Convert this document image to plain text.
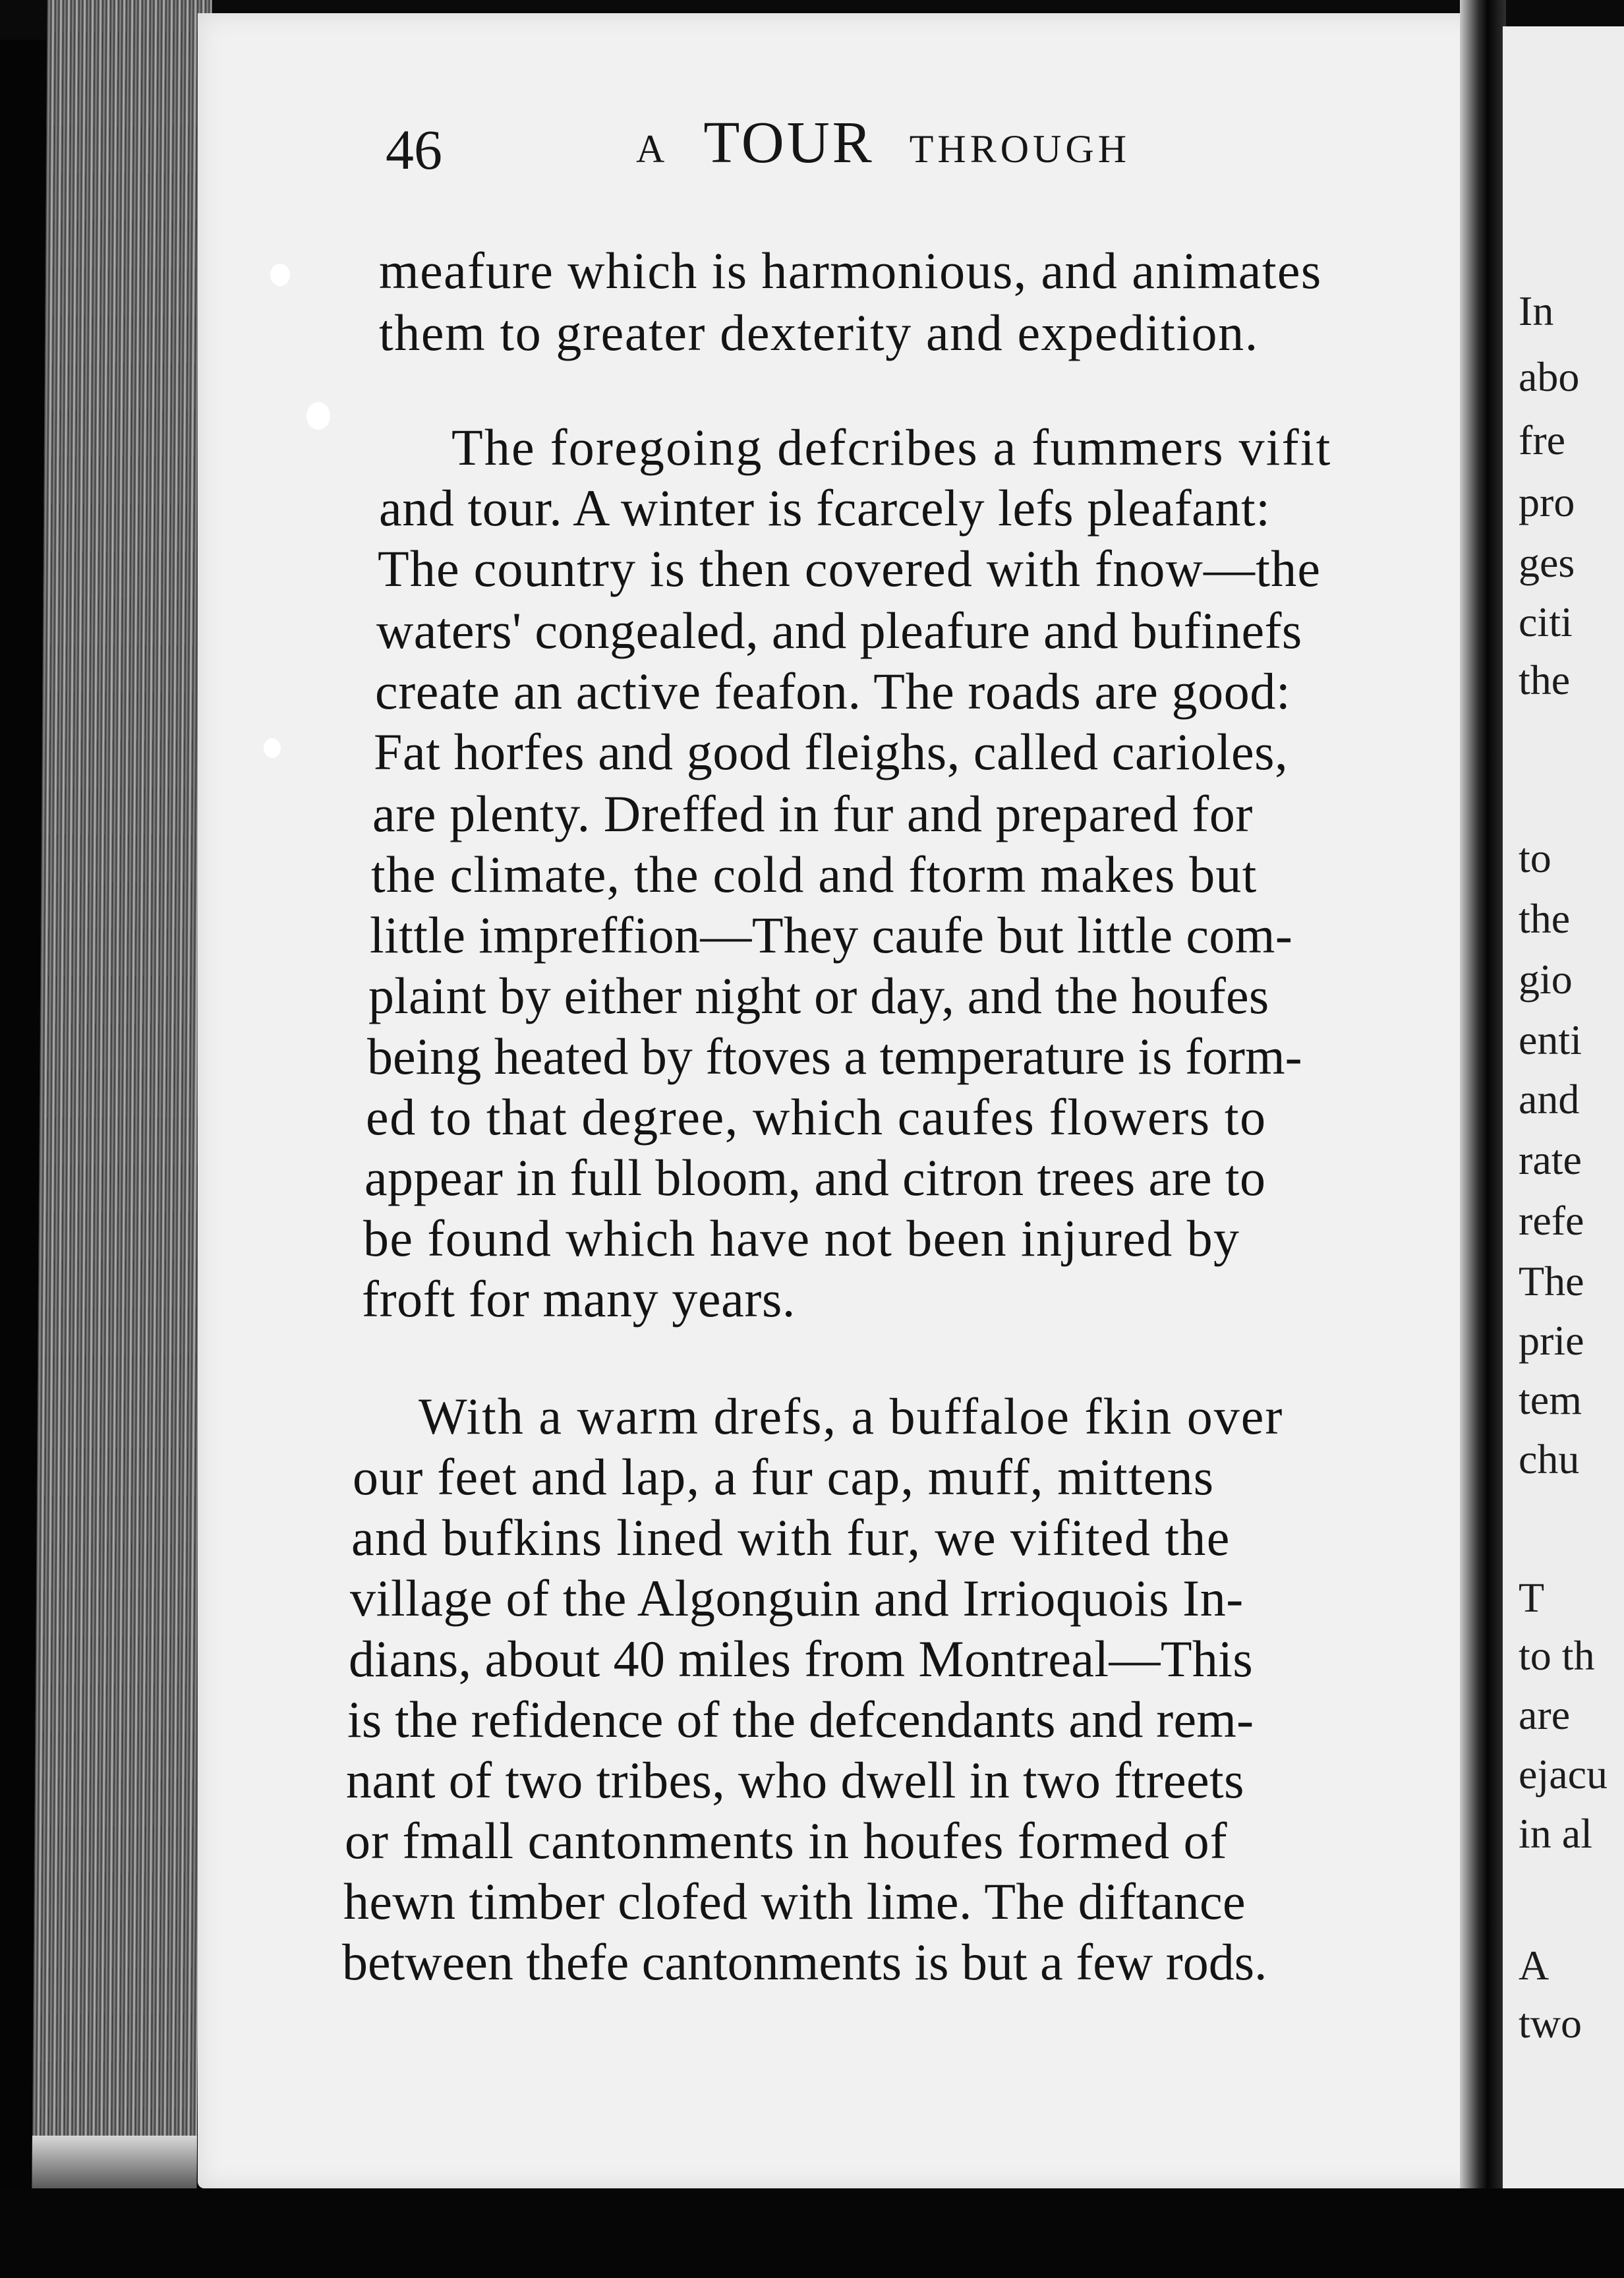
In
abo
fre
pro
ges
citi
the
to
the
gio
enti
and
rate
refe
The
prie
tem
chu
T
to th
are
ejacu
in al
A
two
46	A TOUR THROUGH
meafure which is harmonious, and animates
them to greater dexterity and expedition.
The foregoing defcribes a fummers vifit
and tour. A winter is fcarcely lefs pleafant:
The country is then covered with fnow—the
waters' congealed, and pleafure and bufinefs
create an active feafon. The roads are good:
Fat horfes and good fleighs, called carioles,
are plenty. Dreffed in fur and prepared for
the climate, the cold and ftorm makes but
little impreffion—They caufe but little com-
plaint by either night or day, and the houfes
being heated by ftoves a temperature is form-
ed to that degree, which caufes flowers to
appear in full bloom, and citron trees are to
be found which have not been injured by
froft for many years.
With a warm drefs, a buffaloe fkin over
our feet and lap, a fur cap, muff, mittens
and bufkins lined with fur, we vifited the
village of the Algonguin and Irrioquois In-
dians, about 40 miles from Montreal—This
is the refidence of the defcendants and rem-
nant of two tribes, who dwell in two ftreets
or fmall cantonments in houfes formed of
hewn timber clofed with lime. The diftance
between thefe cantonments is but a few rods.
